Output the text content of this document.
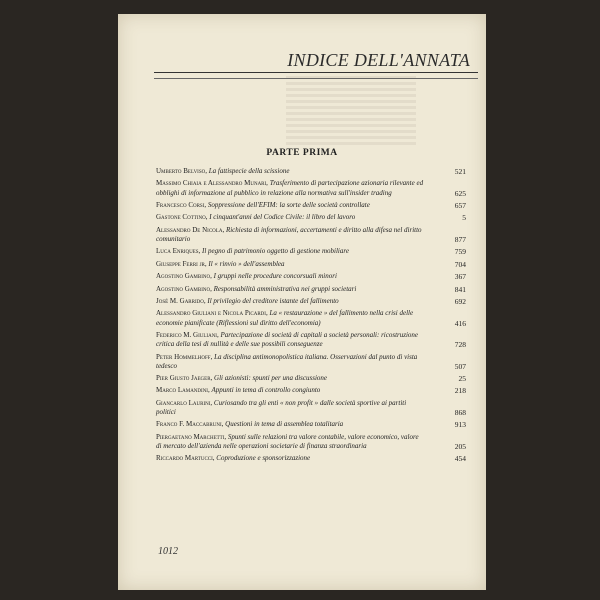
INDICE DELL'ANNATA
PARTE PRIMA
Umberto Belviso, La fattispecie della scissione	521
Massimo Chiaia e Alessandro Munari, Trasferimento di partecipazione azionaria rilevante ed obblighi di informazione al pubblico in relazione alla normativa sull'insider trading	625
Francesco Corsi, Soppressione dell'EFIM: la sorte delle società controllate	657
Gastone Cottino, I cinquant'anni del Codice Civile: il libro del lavoro	5
Alessandro De Nicola, Richiesta di informazioni, accertamenti e diritto alla difesa nel diritto comunitario	877
Luca Enriques, Il pegno di patrimonio oggetto di gestione mobiliare	759
Giuseppe Ferri jr, Il « rinvio » dell'assemblea	704
Agostino Gambino, I gruppi nelle procedure concorsuali minori	367
Agostino Gambino, Responsabilità amministrativa nei gruppi societari	841
José M. Garrido, Il privilegio del creditore istante del fallimento	692
Alessandro Giuliani e Nicola Picardi, La « restaurazione » del fallimento nella crisi delle economie pianificate (Riflessioni sul diritto dell'economia)	416
Federico M. Giuliani, Partecipazione di società di capitali a società personali: ricostruzione critica della tesi di nullità e delle sue possibili conseguenze	728
Peter Hommelhoff, La disciplina antimonopolistica italiana. Osservazioni dal punto di vista tedesco	507
Pier Giusto Jaeger, Gli azionisti: spunti per una discussione	25
Marco Lamandini, Appunti in tema di controllo congiunto	218
Giancarlo Laurini, Curiosando tra gli enti « non profit » dalle società sportive ai partiti politici	868
Franco F. Maccabruni, Questioni in tema di assemblea totalitaria	913
Piergaetano Marchetti, Spunti sulle relazioni tra valore contabile, valore economico, valore di mercato dell'azienda nelle operazioni societarie di finanza straordinaria	205
Riccardo Martucci, Coproduzione e sponsorizzazione	454
1012
